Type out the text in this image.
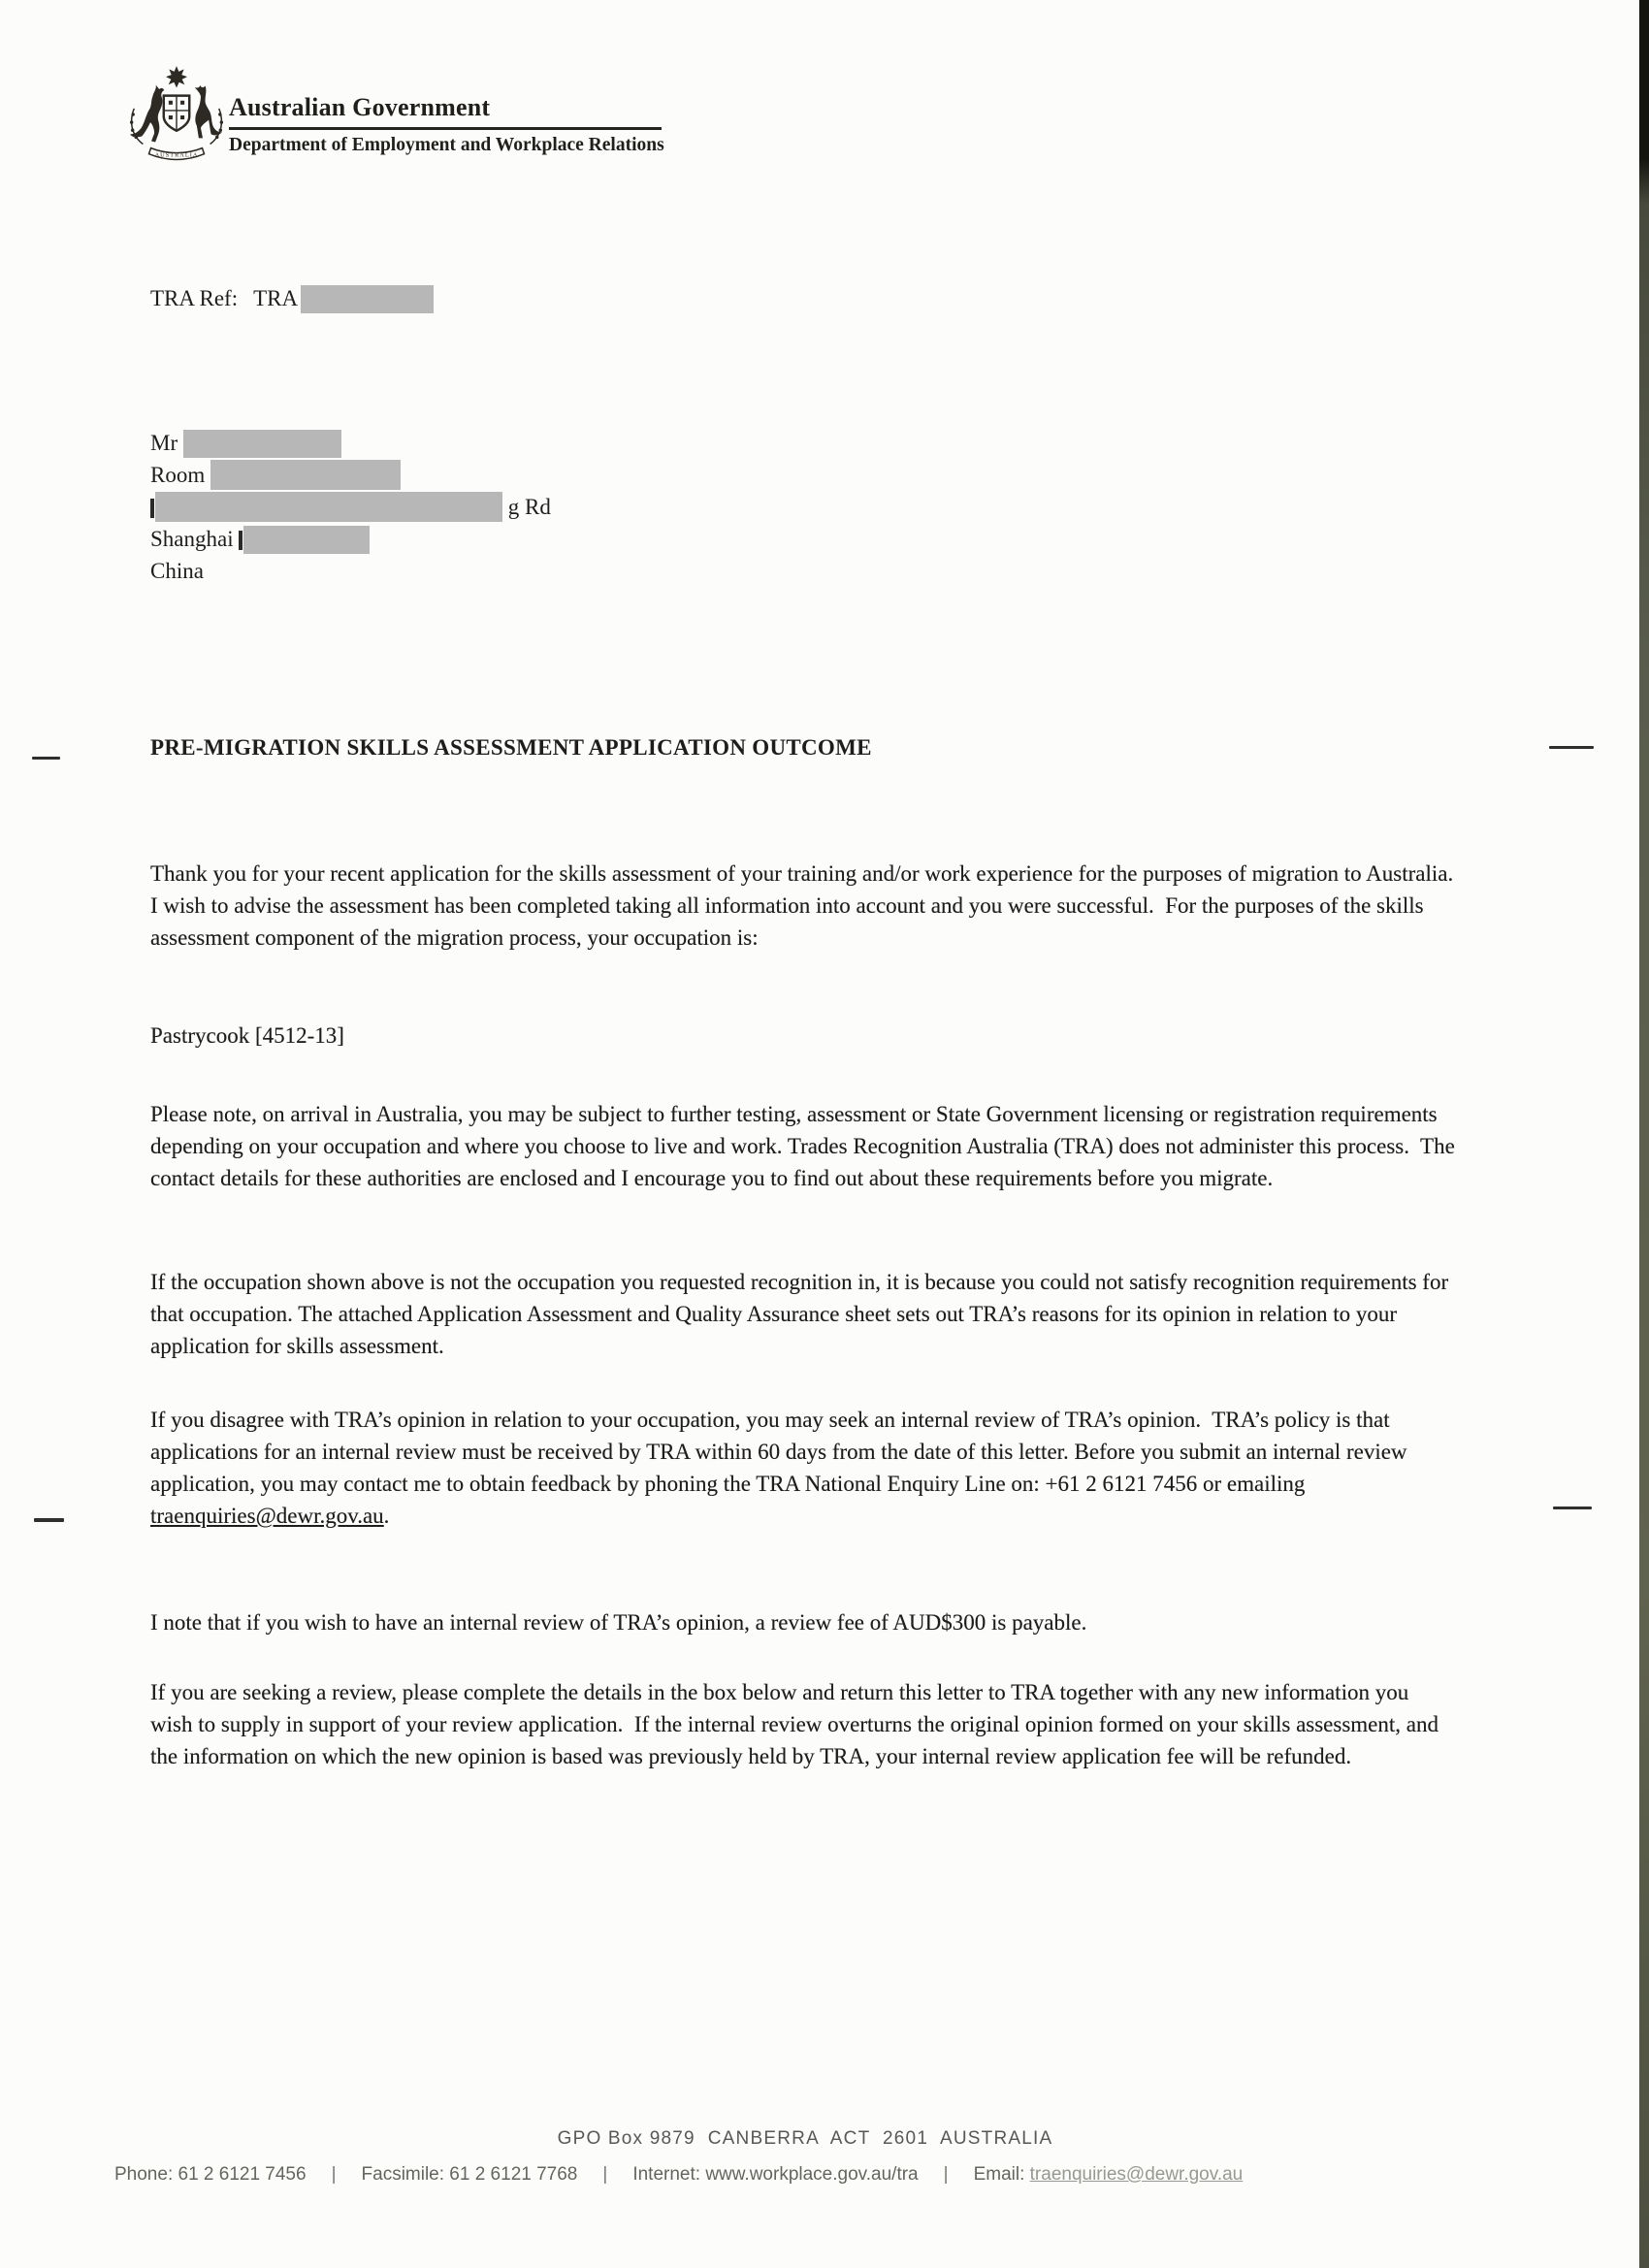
AUSTRALIA
Australian Government
Department of Employment and Workplace Relations
TRA Ref: TRA
Mr
Room
g Rd
Shanghai
China
PRE-MIGRATION SKILLS ASSESSMENT APPLICATION OUTCOME
Thank you for your recent application for the skills assessment of your training and/or work experience for the purposes of migration to Australia.  I wish to advise the assessment has been completed taking all information into account and you were successful.  For the purposes of the skills assessment component of the migration process, your occupation is:
Pastrycook [4512-13]
Please note, on arrival in Australia, you may be subject to further testing, assessment or State Government licensing or registration requirements depending on your occupation and where you choose to live and work. Trades Recognition Australia (TRA) does not administer this process.  The contact details for these authorities are enclosed and I encourage you to find out about these requirements before you migrate.
If the occupation shown above is not the occupation you requested recognition in, it is because you could not satisfy recognition requirements for that occupation. The attached Application Assessment and Quality Assurance sheet sets out TRA’s reasons for its opinion in relation to your application for skills assessment.
If you disagree with TRA’s opinion in relation to your occupation, you may seek an internal review of TRA’s opinion.  TRA’s policy is that applications for an internal review must be received by TRA within 60 days from the date of this letter. Before you submit an internal review application, you may contact me to obtain feedback by phoning the TRA National Enquiry Line on: +61 2 6121 7456 or emailing traenquiries@dewr.gov.au.
I note that if you wish to have an internal review of TRA’s opinion, a review fee of AUD$300 is payable.
If you are seeking a review, please complete the details in the box below and return this letter to TRA together with any new information you wish to supply in support of your review application.  If the internal review overturns the original opinion formed on your skills assessment, and the information on which the new opinion is based was previously held by TRA, your internal review application fee will be refunded.
GPO Box 9879  CANBERRA  ACT  2601  AUSTRALIA
Phone: 61 2 6121 7456 | Facsimile: 61 2 6121 7768 | Internet: www.workplace.gov.au/tra | Email: traenquiries@dewr.gov.au
